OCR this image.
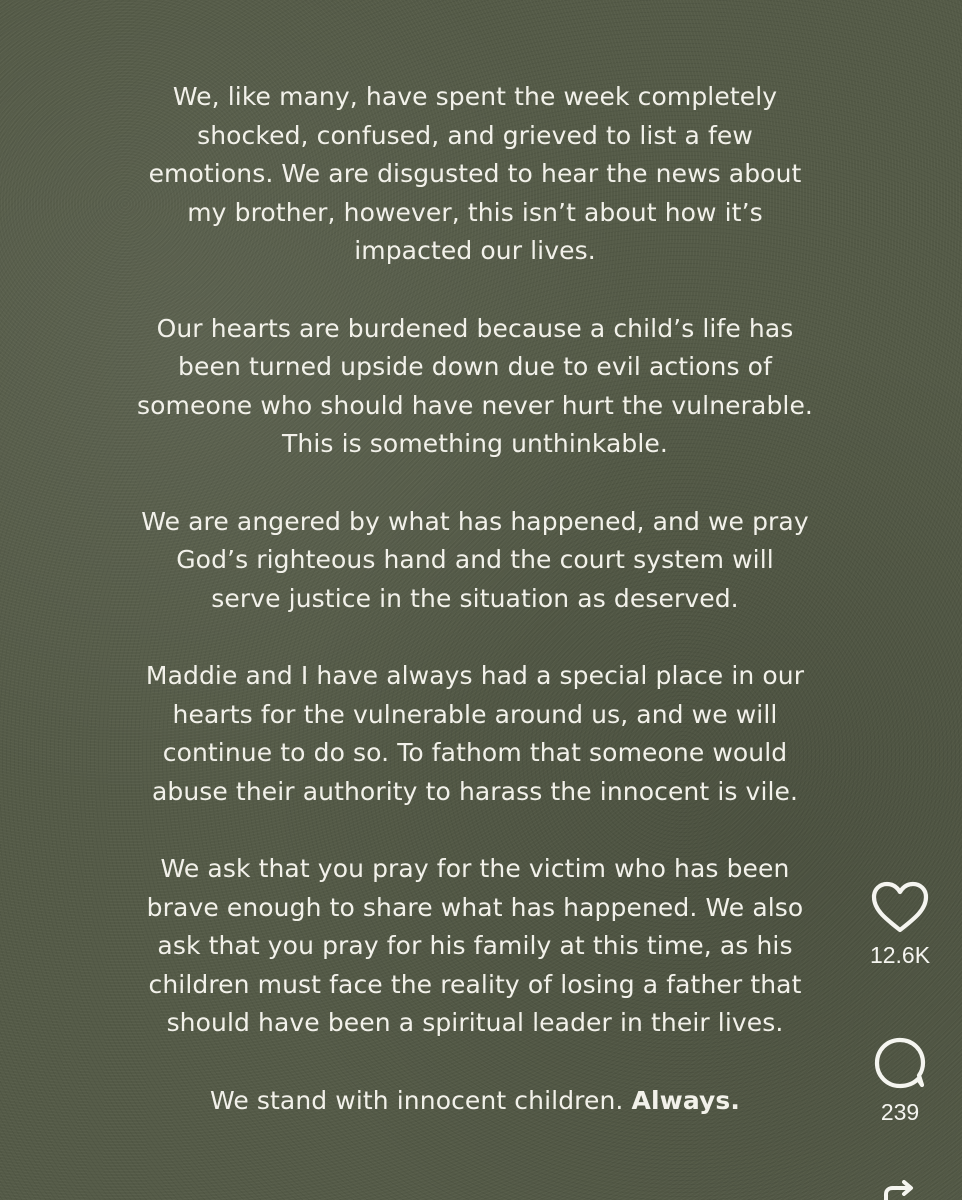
We, like many, have spent the week completely
shocked, confused, and grieved to list a few
emotions. We are disgusted to hear the news about
my brother, however, this isn’t about how it’s
impacted our lives.

Our hearts are burdened because a child’s life has
been turned upside down due to evil actions of
someone who should have never hurt the vulnerable.
This is something unthinkable.

We are angered by what has happened, and we pray
God’s righteous hand and the court system will
serve justice in the situation as deserved.

Maddie and I have always had a special place in our
hearts for the vulnerable around us, and we will
continue to do so. To fathom that someone would
abuse their authority to harass the innocent is vile.

We ask that you pray for the victim who has been
brave enough to share what has happened. We also
ask that you pray for his family at this time, as his
children must face the reality of losing a father that
should have been a spiritual leader in their lives.

We stand with innocent children. Always.

12.6K
239
